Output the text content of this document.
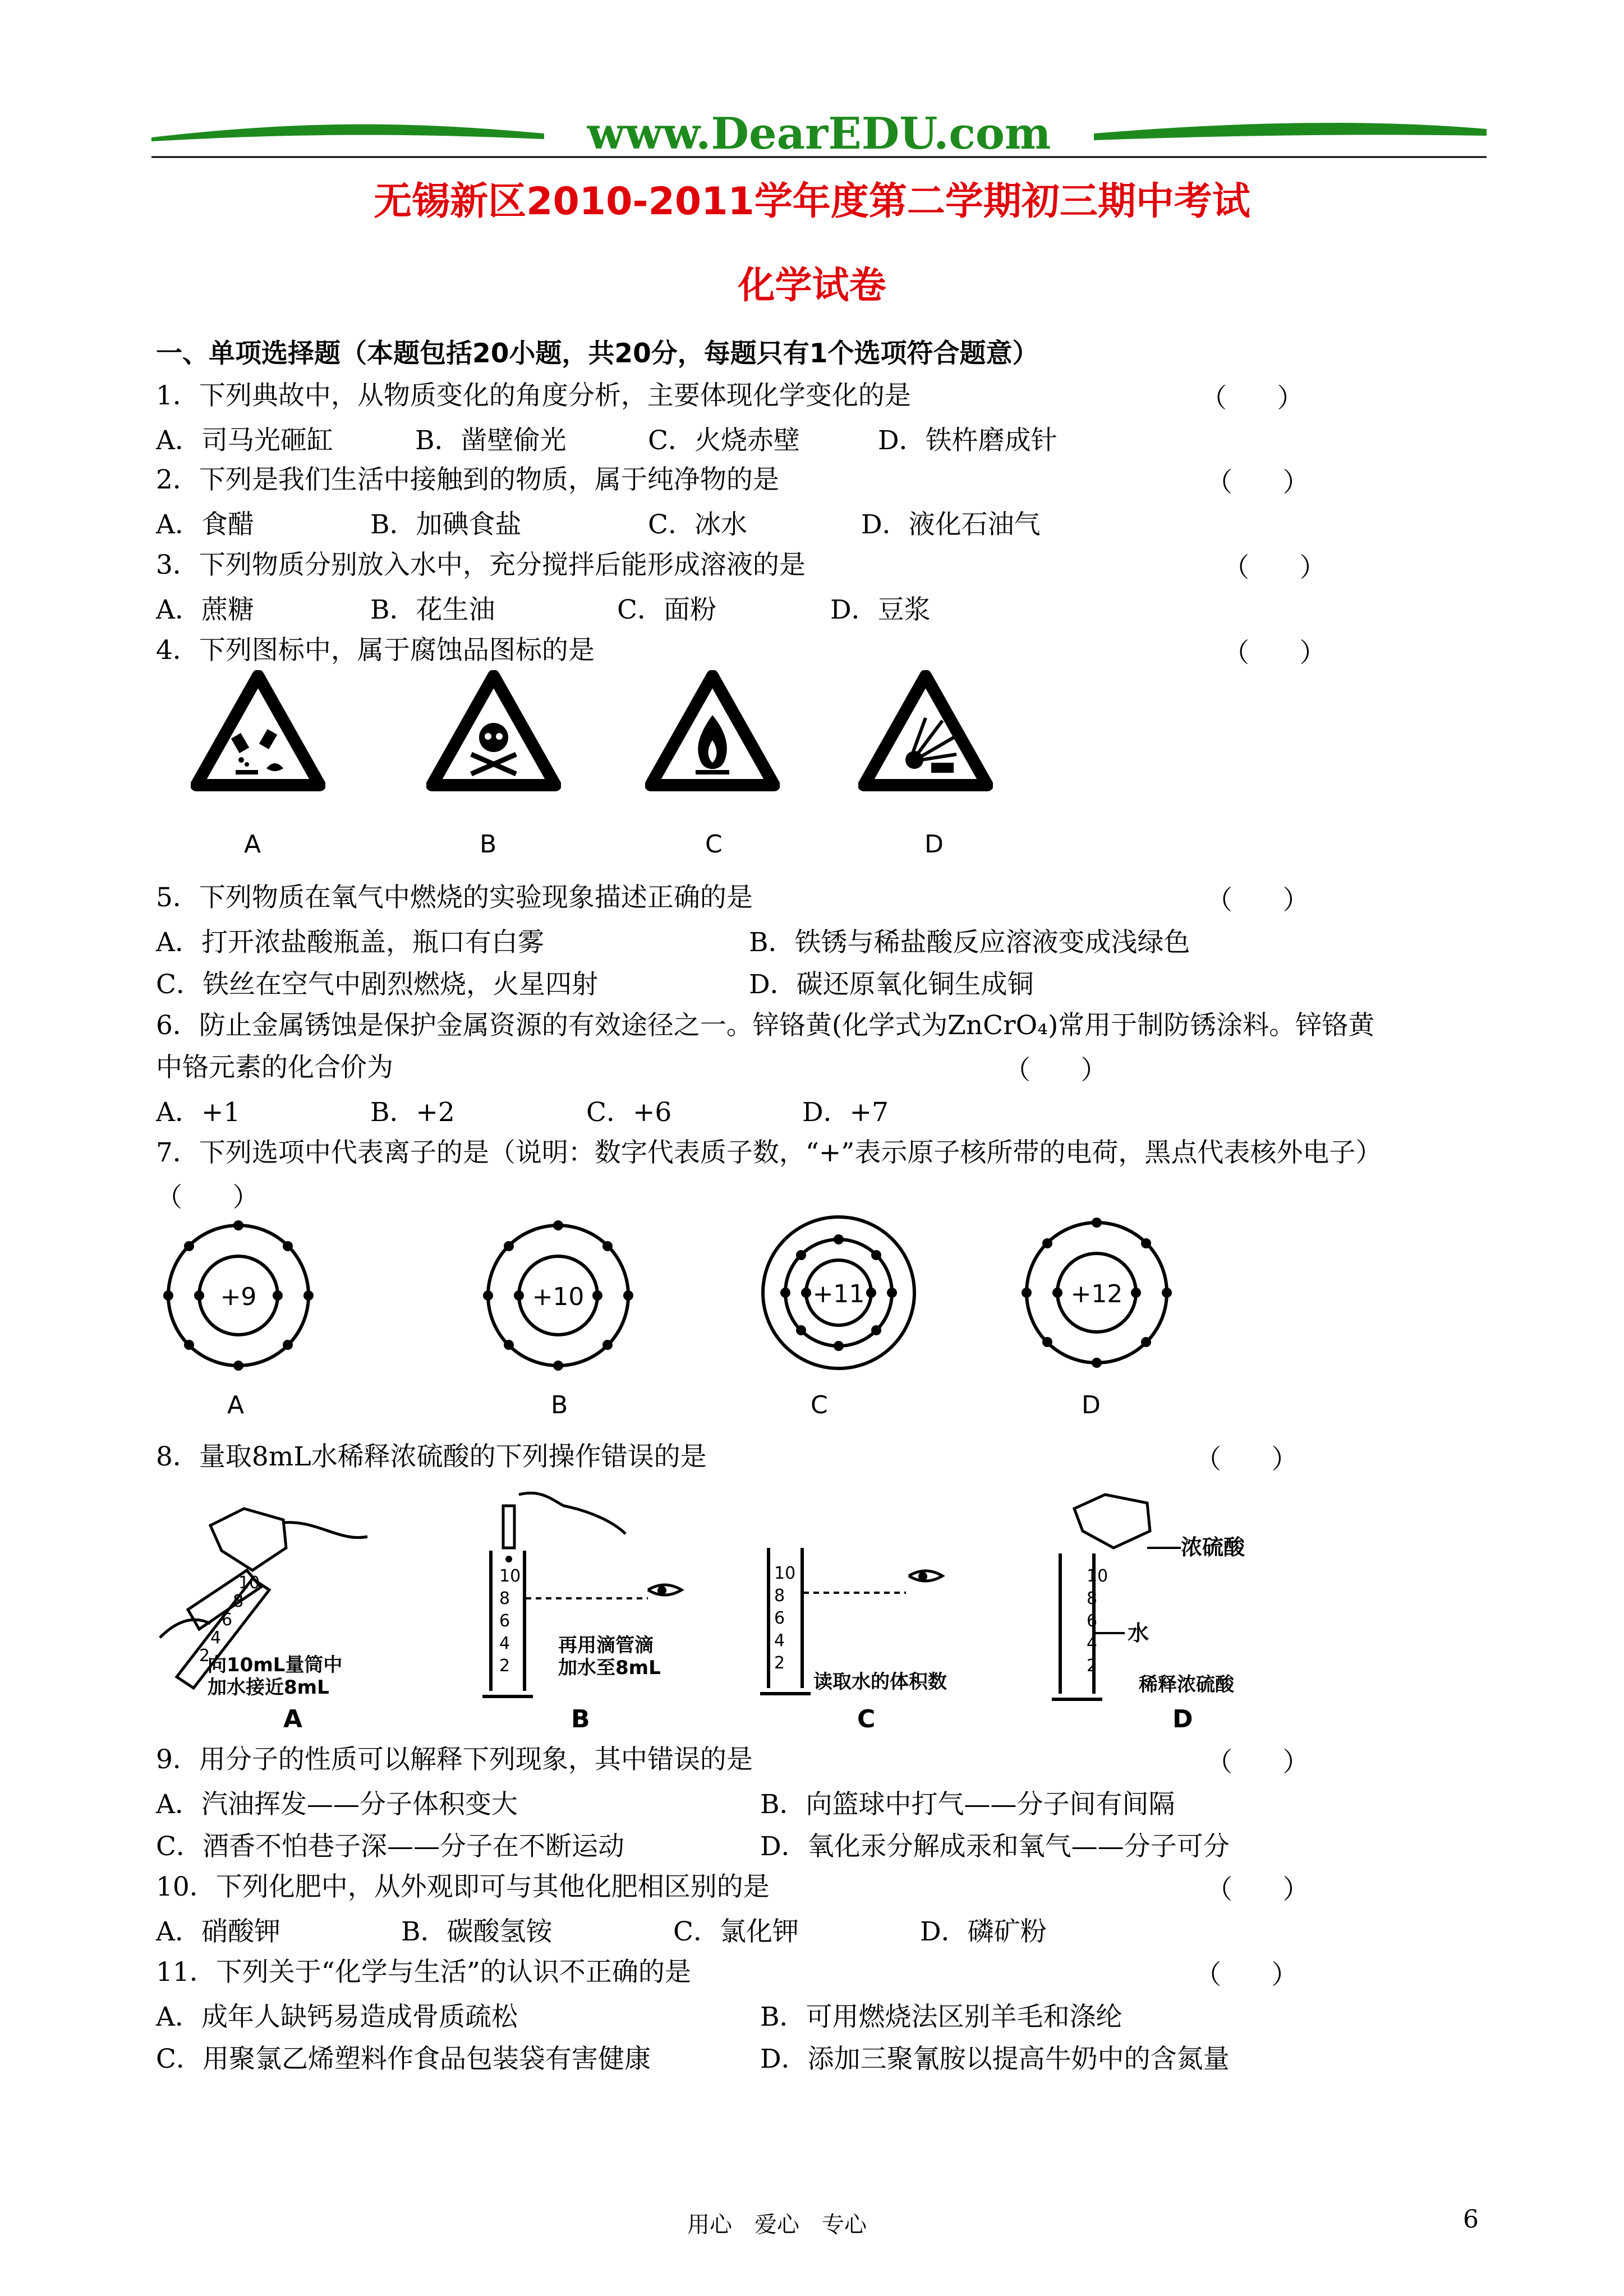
www.DearEDU.com
无锡新区2010-2011学年度第二学期初三期中考试
化学试卷
一、单项选择题（本题包括20小题，共20分，每题只有1个选项符合题意）
1．下列典故中，从物质变化的角度分析，主要体现化学变化的是	（      ）
A．司马光砸缸	B．凿壁偷光	C．火烧赤壁	D．铁杵磨成针
2．下列是我们生活中接触到的物质，属于纯净物的是	（      ）
A．食醋	B．加碘食盐	C．冰水	D．液化石油气
3．下列物质分别放入水中，充分搅拌后能形成溶液的是	（      ）
A．蔗糖	B．花生油	C．面粉	D．豆浆
4．下列图标中，属于腐蚀品图标的是	（      ）
A	B	C	D
5．下列物质在氧气中燃烧的实验现象描述正确的是	（      ）
A．打开浓盐酸瓶盖，瓶口有白雾	B．铁锈与稀盐酸反应溶液变成浅绿色
C．铁丝在空气中剧烈燃烧，火星四射	D．碳还原氧化铜生成铜
6．防止金属锈蚀是保护金属资源的有效途径之一。锌铬黄(化学式为ZnCrO₄)常用于制防锈涂料。锌铬黄
中铬元素的化合价为	（      ）
A．+1	B．+2	C．+6	D．+7
7．下列选项中代表离子的是（说明：数字代表质子数，“+”表示原子核所带的电荷，黑点代表核外电子）
（      ）
+9	+10	+11	+12
A	B	C	D
8．量取8mL水稀释浓硫酸的下列操作错误的是	（      ）
10
8
6
4
2
向10mL量筒中
加水接近8mL
10
8
6
4
2
再用滴管滴
加水至8mL
10
8
6
4
2
读取水的体积数
浓硫酸
10
8
6
4
2
水
稀释浓硫酸
A	B	C	D
9．用分子的性质可以解释下列现象，其中错误的是	（      ）
A．汽油挥发——分子体积变大	B．向篮球中打气——分子间有间隔
C．酒香不怕巷子深——分子在不断运动	D．氧化汞分解成汞和氧气——分子可分
10．下列化肥中，从外观即可与其他化肥相区别的是	（      ）
A．硝酸钾	B．碳酸氢铵	C．氯化钾	D．磷矿粉
11．下列关于“化学与生活”的认识不正确的是	（      ）
A．成年人缺钙易造成骨质疏松	B．可用燃烧法区别羊毛和涤纶
C．用聚氯乙烯塑料作食品包装袋有害健康	D．添加三聚氰胺以提高牛奶中的含氮量
用心　爱心　专心	6
